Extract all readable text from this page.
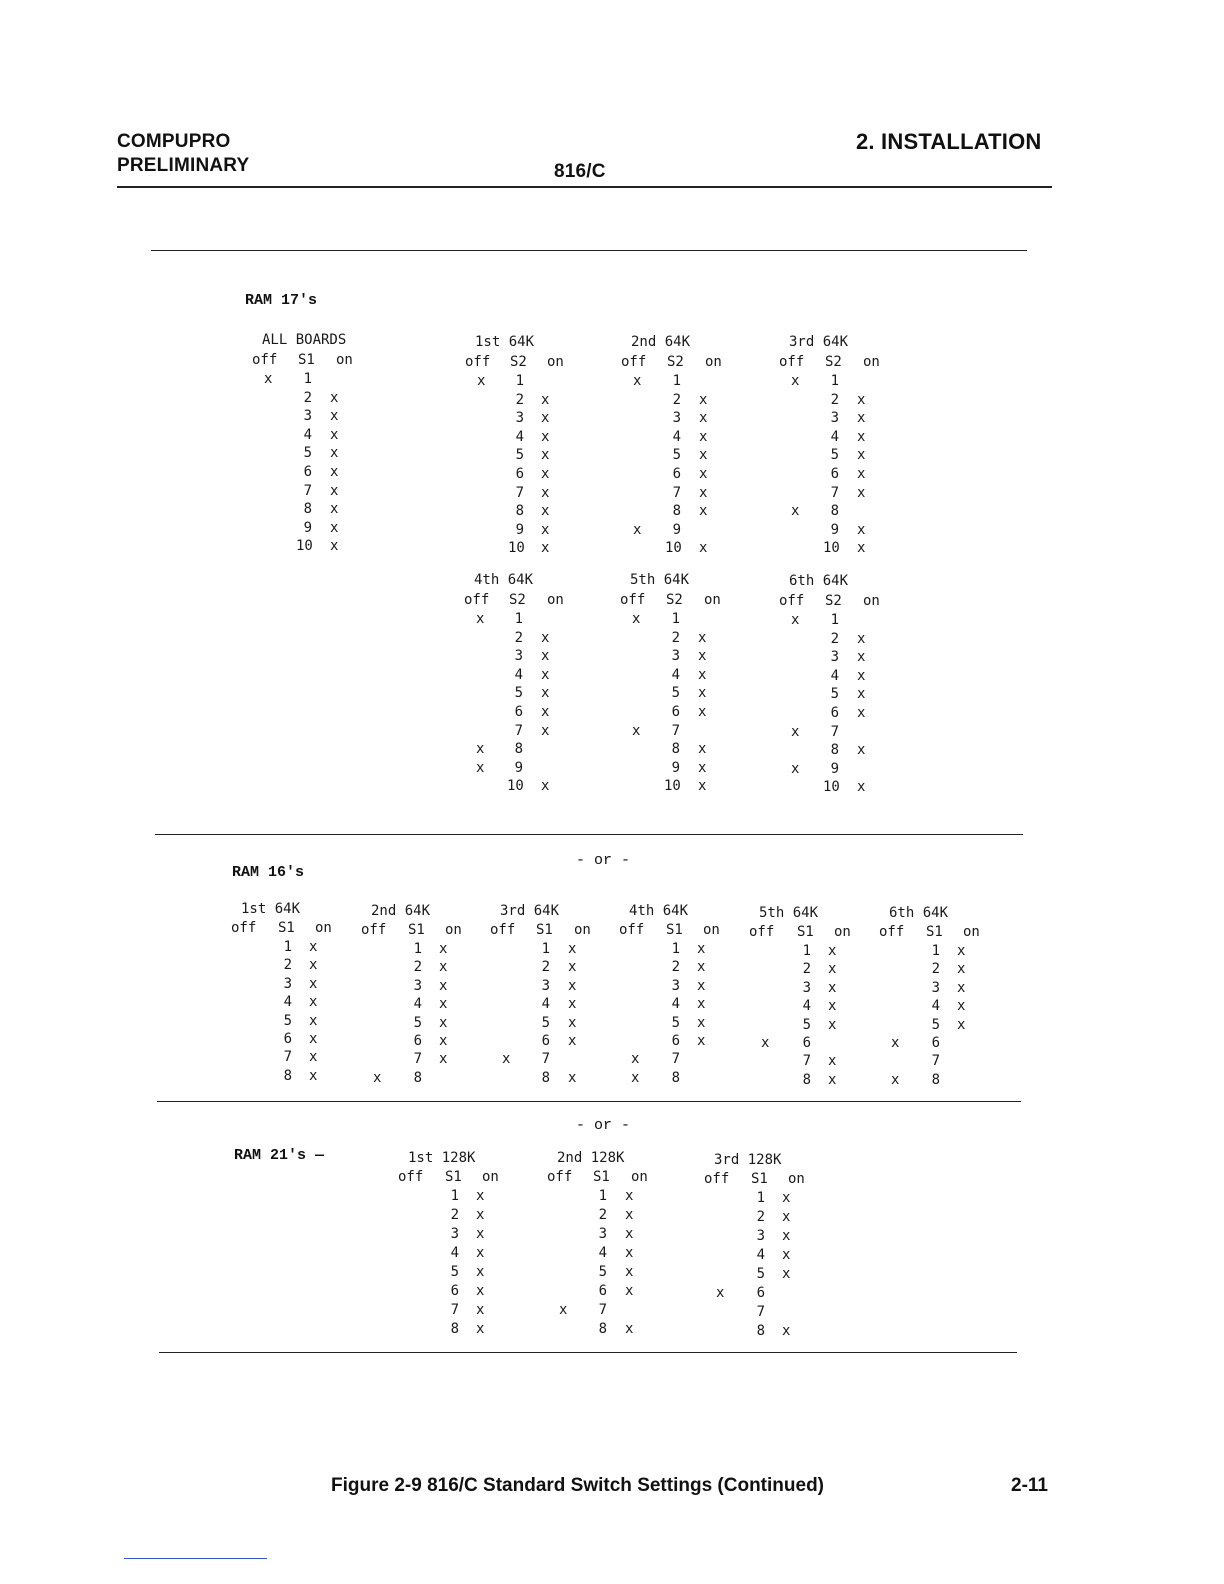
COMPUPRO
PRELIMINARY	816/C
2. INSTALLATION
RAM 17's
RAM 16's
RAM 21's —
- or -
- or -
ALL BOARDS
off S1 on
x	1
2 x
3 x
4 x
5 x
6 x
7 x
8 x
9 x
10 x
1st 64K
off S2 on
x	1
2 x
3 x
4 x
5 x
6 x
7 x
8 x
9 x
10 x
2nd 64K
off S2 on
x	1
2 x
3 x
4 x
5 x
6 x
7 x
8 x
x	9
10 x
3rd 64K
off S2 on
x	1
2 x
3 x
4 x
5 x
6 x
7 x
x	8
9 x
10 x
4th 64K
off S2 on
x	1
2 x
3 x
4 x
5 x
6 x
7 x
x	8
x	9
10 x
5th 64K
off S2 on
x	1
2 x
3 x
4 x
5 x
6 x
x	7
8 x
9 x
10 x
6th 64K
off S2 on
x	1
2 x
3 x
4 x
5 x
6 x
x	7
8 x
x	9
10 x
1st 64K
off S1 on
1 x
2 x
3 x
4 x
5 x
6 x
7 x
8 x
2nd 64K
off S1 on
1 x
2 x
3 x
4 x
5 x
6 x
7 x
x	8
3rd 64K
off S1 on
1 x
2 x
3 x
4 x
5 x
6 x
x	7
8 x
4th 64K
off S1 on
1 x
2 x
3 x
4 x
5 x
6 x
x	7
x	8
5th 64K
off S1 on
1 x
2 x
3 x
4 x
5 x
x	6
7 x
8 x
6th 64K
off S1 on
1 x
2 x
3 x
4 x
5 x
x	6
7
x	8
1st 128K
off S1 on
1 x
2 x
3 x
4 x
5 x
6 x
7 x
8 x
2nd 128K
off S1 on
1 x
2 x
3 x
4 x
5 x
6 x
x	7
8 x
3rd 128K
off S1 on
1 x
2 x
3 x
4 x
5 x
x	6
7
8 x
Figure 2-9 816/C Standard Switch Settings (Continued)	2-11
